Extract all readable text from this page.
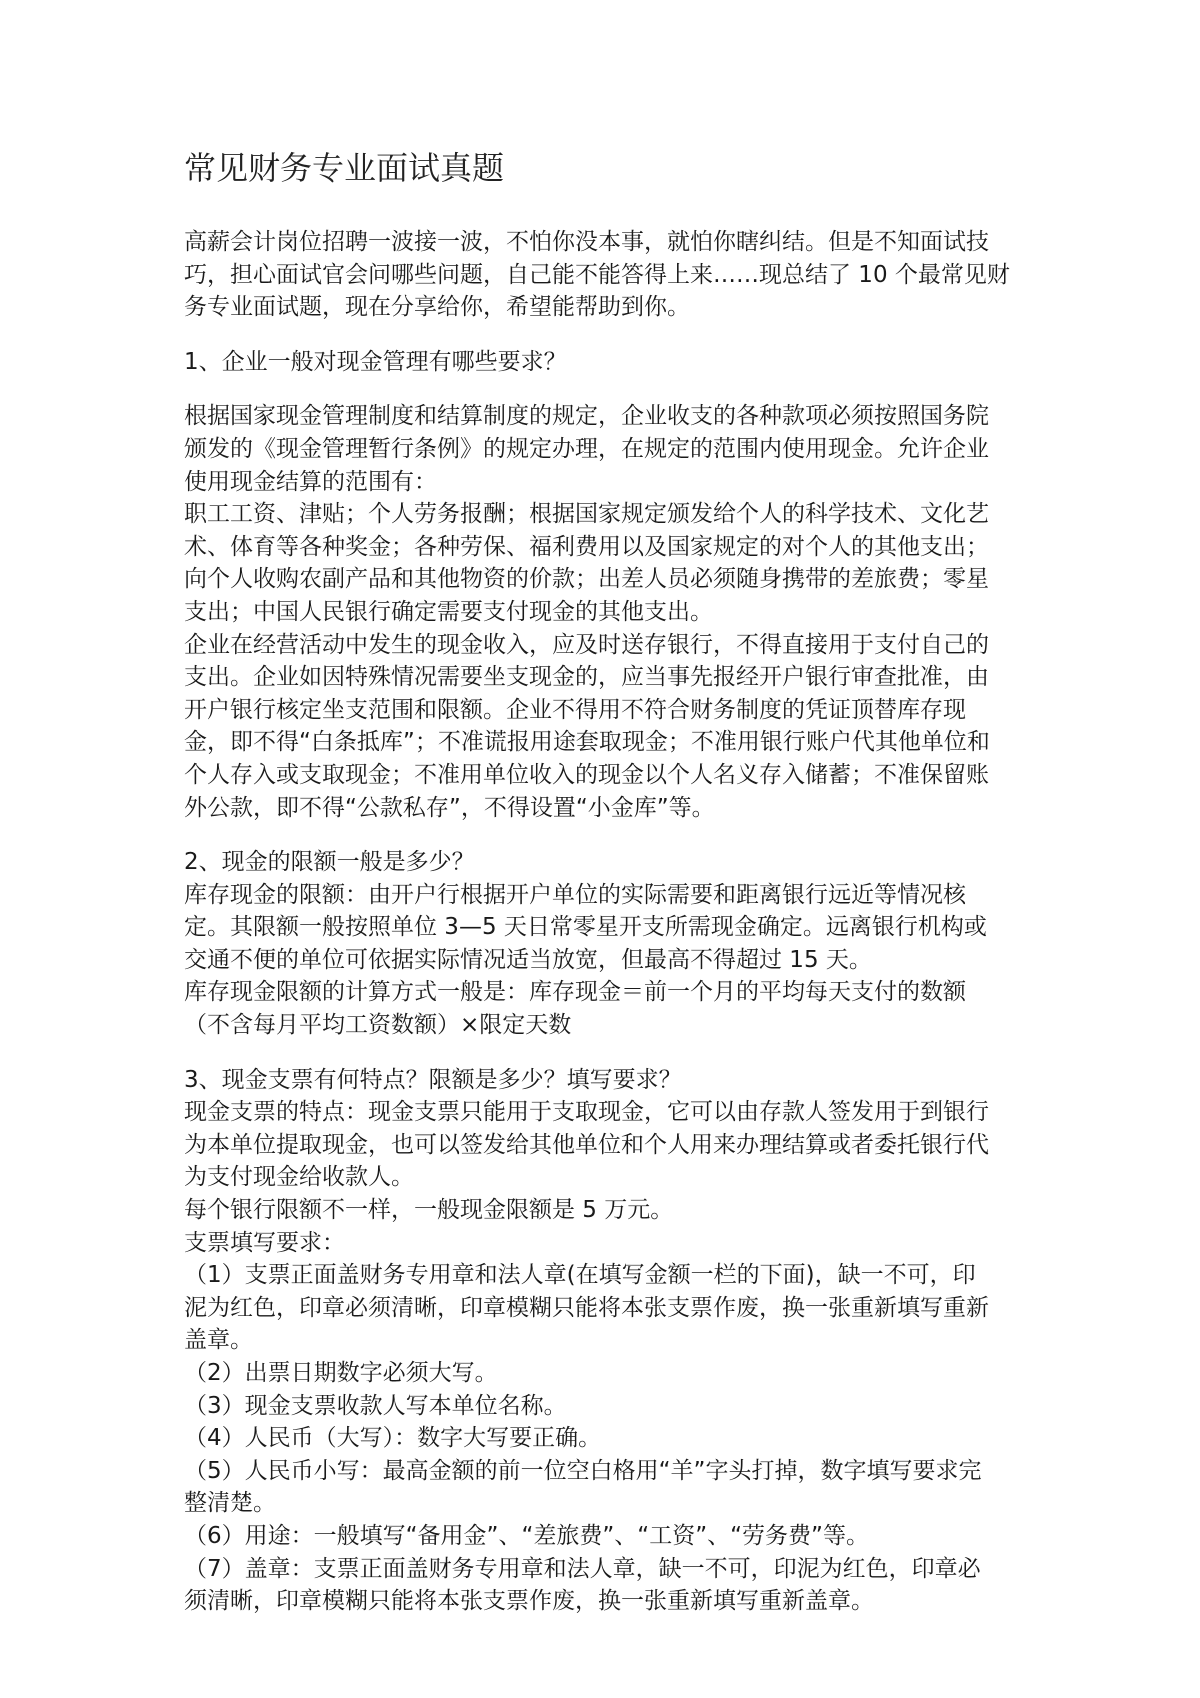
常见财务专业面试真题
高薪会计岗位招聘一波接一波，不怕你没本事，就怕你瞎纠结。但是不知面试技
巧，担心面试官会问哪些问题，自己能不能答得上来……现总结了 10 个最常见财
务专业面试题，现在分享给你，希望能帮助到你。
1、企业一般对现金管理有哪些要求？
根据国家现金管理制度和结算制度的规定，企业收支的各种款项必须按照国务院
颁发的《现金管理暂行条例》的规定办理，在规定的范围内使用现金。允许企业
使用现金结算的范围有：
职工工资、津贴；个人劳务报酬；根据国家规定颁发给个人的科学技术、文化艺
术、体育等各种奖金；各种劳保、福利费用以及国家规定的对个人的其他支出；
向个人收购农副产品和其他物资的价款；出差人员必须随身携带的差旅费；零星
支出；中国人民银行确定需要支付现金的其他支出。
企业在经营活动中发生的现金收入，应及时送存银行，不得直接用于支付自己的
支出。企业如因特殊情况需要坐支现金的，应当事先报经开户银行审查批准，由
开户银行核定坐支范围和限额。企业不得用不符合财务制度的凭证顶替库存现
金，即不得“白条抵库”；不准谎报用途套取现金；不准用银行账户代其他单位和
个人存入或支取现金；不准用单位收入的现金以个人名义存入储蓄；不准保留账
外公款，即不得“公款私存”，不得设置“小金库”等。
2、现金的限额一般是多少？
库存现金的限额：由开户行根据开户单位的实际需要和距离银行远近等情况核
定。其限额一般按照单位 3—5 天日常零星开支所需现金确定。远离银行机构或
交通不便的单位可依据实际情况适当放宽，但最高不得超过 15 天。
库存现金限额的计算方式一般是：库存现金＝前一个月的平均每天支付的数额
（不含每月平均工资数额）×限定天数
3、现金支票有何特点？限额是多少？填写要求？
现金支票的特点：现金支票只能用于支取现金，它可以由存款人签发用于到银行
为本单位提取现金，也可以签发给其他单位和个人用来办理结算或者委托银行代
为支付现金给收款人。
每个银行限额不一样，一般现金限额是 5 万元。
支票填写要求：
（1）支票正面盖财务专用章和法人章(在填写金额一栏的下面)，缺一不可，印
泥为红色，印章必须清晰，印章模糊只能将本张支票作废，换一张重新填写重新
盖章。
（2）出票日期数字必须大写。
（3）现金支票收款人写本单位名称。
（4）人民币（大写）：数字大写要正确。
（5）人民币小写：最高金额的前一位空白格用“羊”字头打掉，数字填写要求完
整清楚。
（6）用途：一般填写“备用金”、“差旅费”、“工资”、“劳务费”等。
（7）盖章：支票正面盖财务专用章和法人章，缺一不可，印泥为红色，印章必
须清晰，印章模糊只能将本张支票作废，换一张重新填写重新盖章。
